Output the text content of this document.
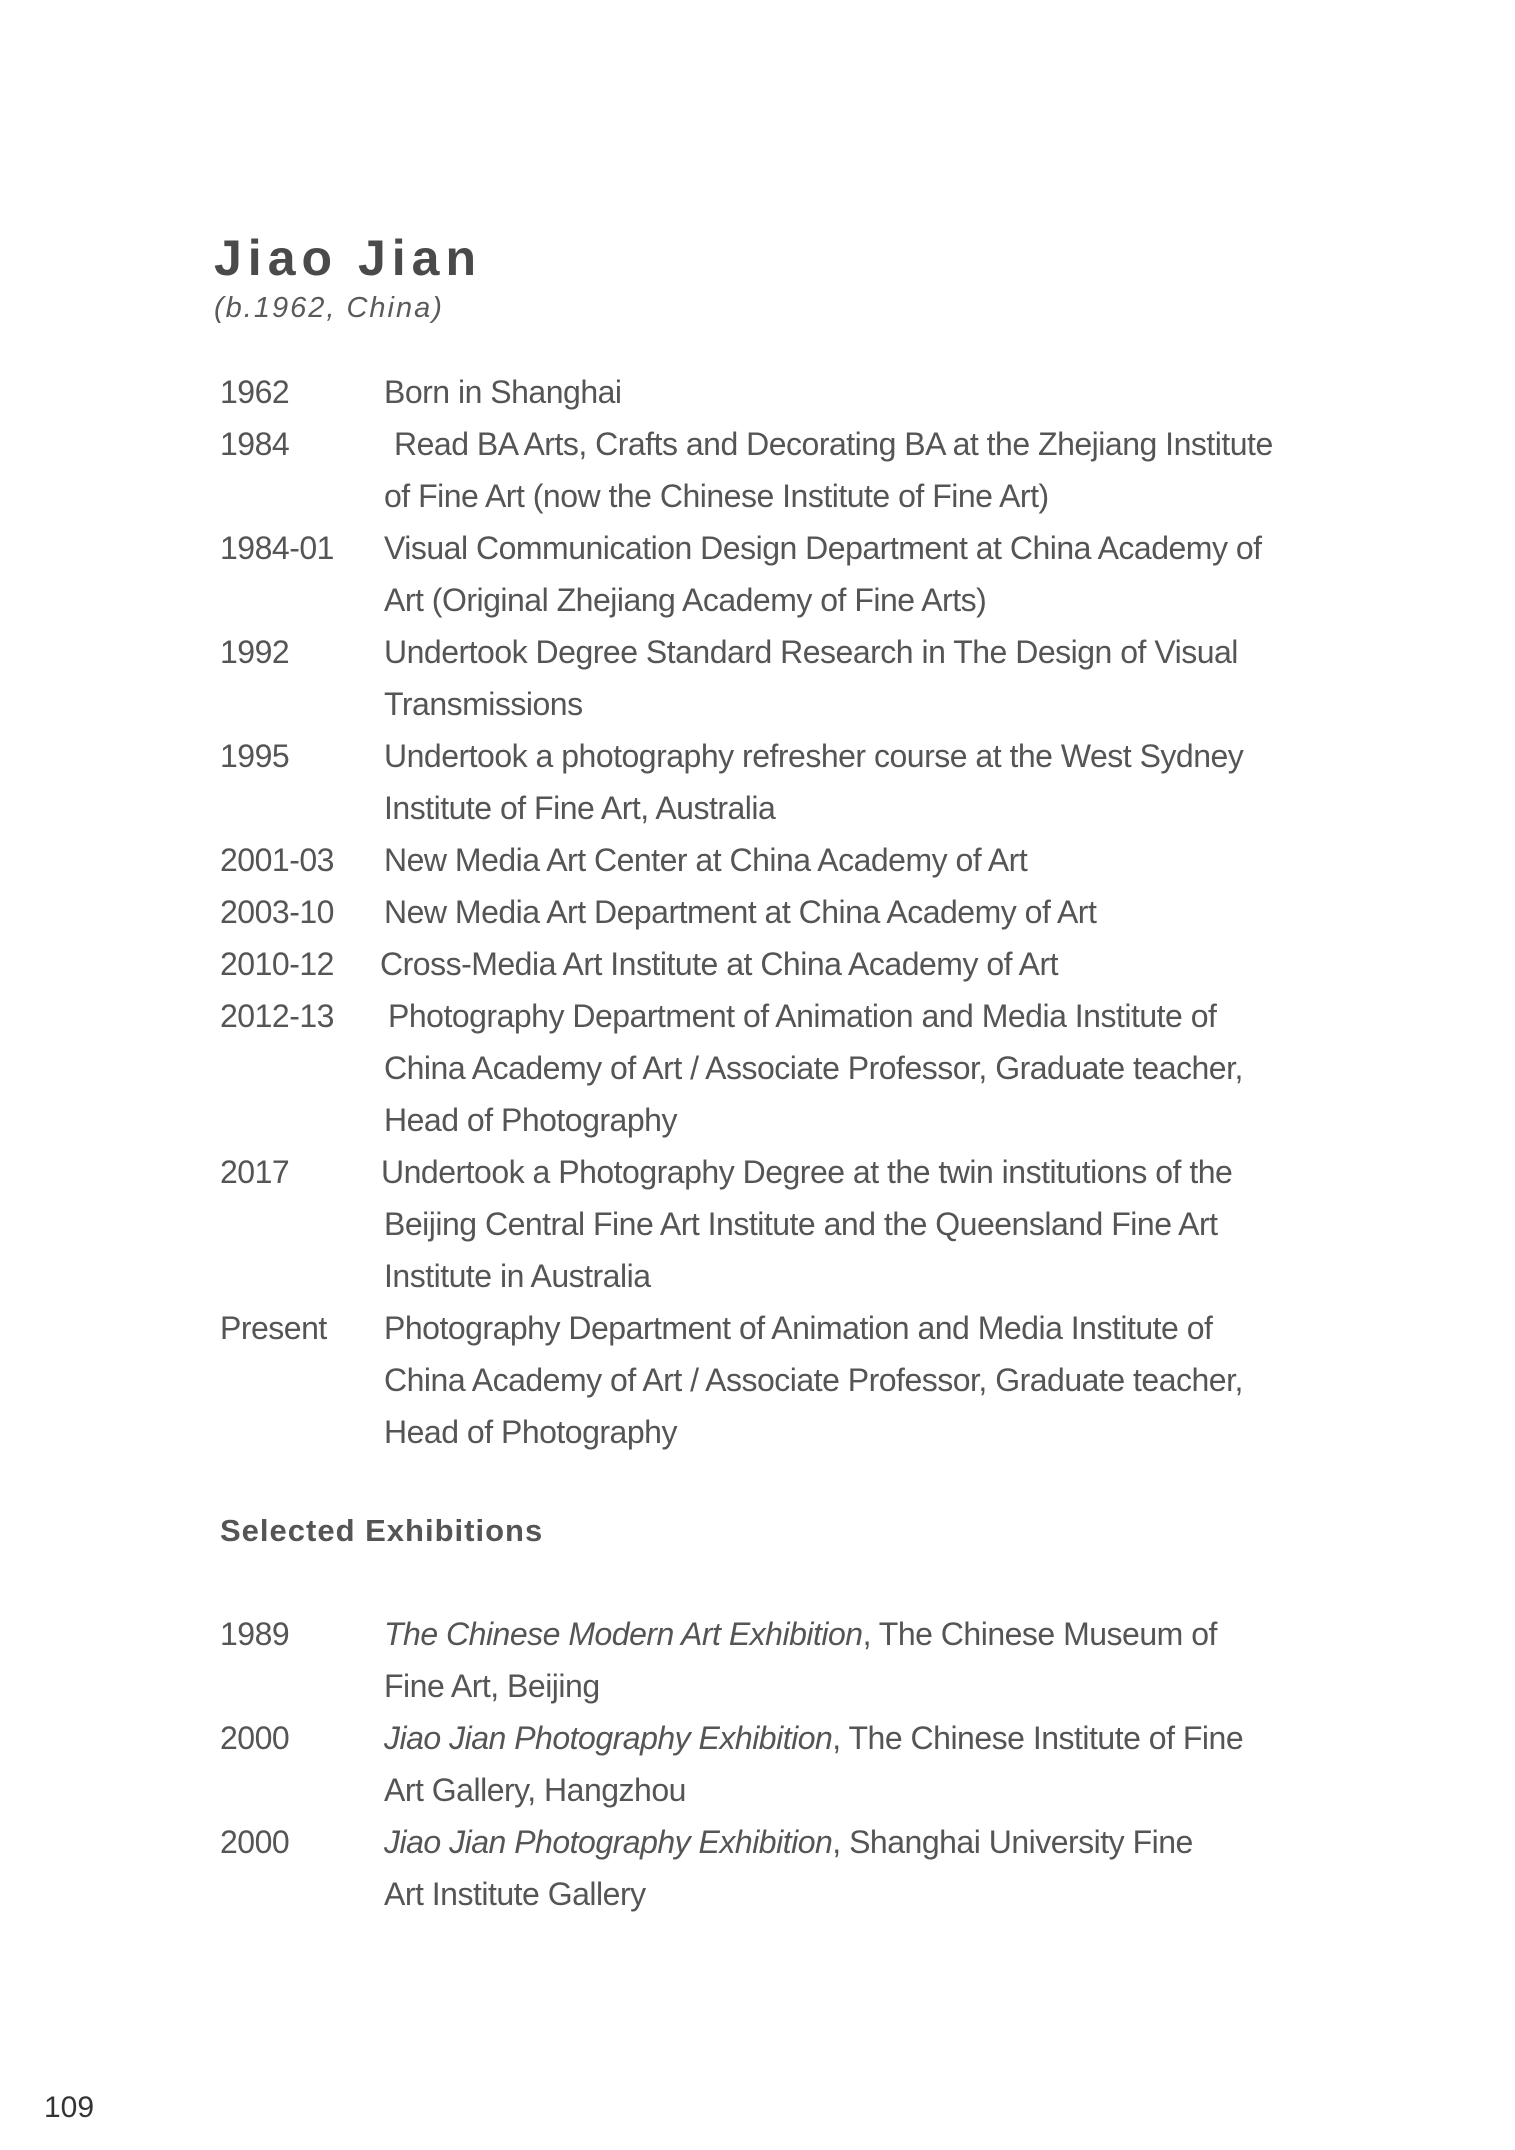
Jiao Jian
(b.1962, China)
1962	Born in Shanghai

1984	Read BA Arts, Crafts and Decorating BA at the Zhejiang Institute

of Fine Art (now the Chinese Institute of Fine Art)

1984-01	Visual Communication Design Department at China Academy of

Art (Original Zhejiang Academy of Fine Arts)

1992	Undertook Degree Standard Research in The Design of Visual

Transmissions

1995	Undertook a photography refresher course at the West Sydney

Institute of Fine Art, Australia

2001-03	New Media Art Center at China Academy of Art

2003-10	New Media Art Department at China Academy of Art

2010-12	Cross-Media Art Institute at China Academy of Art

2012-13	Photography Department of Animation and Media Institute of

China Academy of Art / Associate Professor, Graduate teacher,

Head of Photography

2017	Undertook a Photography Degree at the twin institutions of the

Beijing Central Fine Art Institute and the Queensland Fine Art

Institute in Australia

Present	Photography Department of Animation and Media Institute of

China Academy of Art / Associate Professor, Graduate teacher,

Head of Photography

Selected Exhibitions
1989	The Chinese Modern Art Exhibition, The Chinese Museum of

Fine Art, Beijing

2000	Jiao Jian Photography Exhibition, The Chinese Institute of Fine

Art Gallery, Hangzhou

2000	Jiao Jian Photography Exhibition, Shanghai University Fine

Art Institute Gallery

109
